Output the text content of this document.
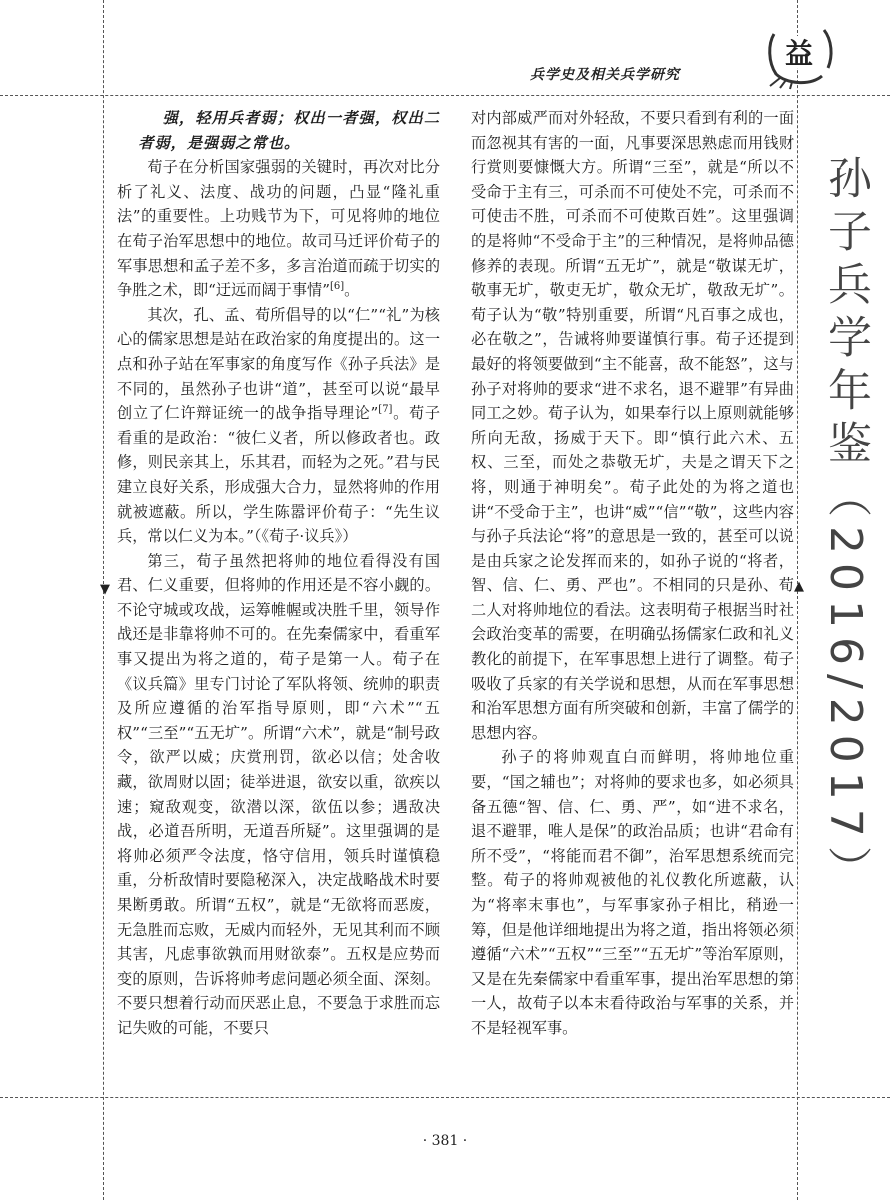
▼	▲
兵学史及相关兵学研究
益
孙子兵学年鉴（2016/2017）

强，轻用兵者弱；权出一者强，权出二者弱，是强弱之常也。

荀子在分析国家强弱的关键时，再次对比分析了礼义、法度、战功的问题，凸显“隆礼重法”的重要性。上功贱节为下，可见将帅的地位在荀子治军思想中的地位。故司马迁评价荀子的军事思想和孟子差不多，多言治道而疏于切实的争胜之术，即“迂远而阔于事情”[6]。

其次，孔、孟、荀所倡导的以“仁”“礼”为核心的儒家思想是站在政治家的角度提出的。这一点和孙子站在军事家的角度写作《孙子兵法》是不同的，虽然孙子也讲“道”，甚至可以说“最早创立了仁许辩证统一的战争指导理论”[7]。荀子看重的是政治：“彼仁义者，所以修政者也。政修，则民亲其上，乐其君，而轻为之死。”君与民建立良好关系，形成强大合力，显然将帅的作用就被遮蔽。所以，学生陈嚣评价荀子：“先生议兵，常以仁义为本。”（《荀子·议兵》）

第三，荀子虽然把将帅的地位看得没有国君、仁义重要，但将帅的作用还是不容小觑的。不论守城或攻战，运筹帷幄或决胜千里，领导作战还是非靠将帅不可的。在先秦儒家中，看重军事又提出为将之道的，荀子是第一人。荀子在《议兵篇》里专门讨论了军队将领、统帅的职责及所应遵循的治军指导原则，即“六术”“五权”“三至”“五无圹”。所谓“六术”，就是“制号政令，欲严以威；庆赏刑罚，欲必以信；处舍收藏，欲周财以固；徒举进退，欲安以重，欲疾以速；窥敌观变，欲潜以深，欲伍以参；遇敌决战，必道吾所明，无道吾所疑”。这里强调的是将帅必须严令法度，恪守信用，领兵时谨慎稳重，分析敌情时要隐秘深入，决定战略战术时要果断勇敢。所谓“五权”，就是“无欲将而恶废，无急胜而忘败，无威内而轻外，无见其利而不顾其害，凡虑事欲孰而用财欲泰”。五权是应势而变的原则，告诉将帅考虑问题必须全面、深刻。不要只想着行动而厌恶止息，不要急于求胜而忘记失败的可能，不要只

对内部威严而对外轻敌，不要只看到有利的一面而忽视其有害的一面，凡事要深思熟虑而用钱财行赏则要慷慨大方。所谓“三至”，就是“所以不受命于主有三，可杀而不可使处不完，可杀而不可使击不胜，可杀而不可使欺百姓”。这里强调的是将帅“不受命于主”的三种情况，是将帅品德修养的表现。所谓“五无圹”，就是“敬谋无圹，敬事无圹，敬吏无圹，敬众无圹，敬敌无圹”。荀子认为“敬”特别重要，所谓“凡百事之成也，必在敬之”，告诫将帅要谨慎行事。荀子还提到最好的将领要做到“主不能喜，敌不能怒”，这与孙子对将帅的要求“进不求名，退不避罪”有异曲同工之妙。荀子认为，如果奉行以上原则就能够所向无敌，扬威于天下。即“慎行此六术、五权、三至，而处之恭敬无圹，夫是之谓天下之将，则通于神明矣”。荀子此处的为将之道也讲“不受命于主”，也讲“威”“信”“敬”，这些内容与孙子兵法论“将”的意思是一致的，甚至可以说是由兵家之论发挥而来的，如孙子说的“将者，智、信、仁、勇、严也”。不相同的只是孙、荀二人对将帅地位的看法。这表明荀子根据当时社会政治变革的需要，在明确弘扬儒家仁政和礼义教化的前提下，在军事思想上进行了调整。荀子吸收了兵家的有关学说和思想，从而在军事思想和治军思想方面有所突破和创新，丰富了儒学的思想内容。

孙子的将帅观直白而鲜明，将帅地位重要，“国之辅也”；对将帅的要求也多，如必须具备五德“智、信、仁、勇、严”，如“进不求名，退不避罪，唯人是保”的政治品质；也讲“君命有所不受”，“将能而君不御”，治军思想系统而完整。荀子的将帅观被他的礼仪教化所遮蔽，认为“将率末事也”，与军事家孙子相比，稍逊一筹，但是他详细地提出为将之道，指出将领必须遵循“六术”“五权”“三至”“五无圹”等治军原则，又是在先秦儒家中看重军事，提出治军思想的第一人，故荀子以本末看待政治与军事的关系，并不是轻视军事。

· 381 ·
